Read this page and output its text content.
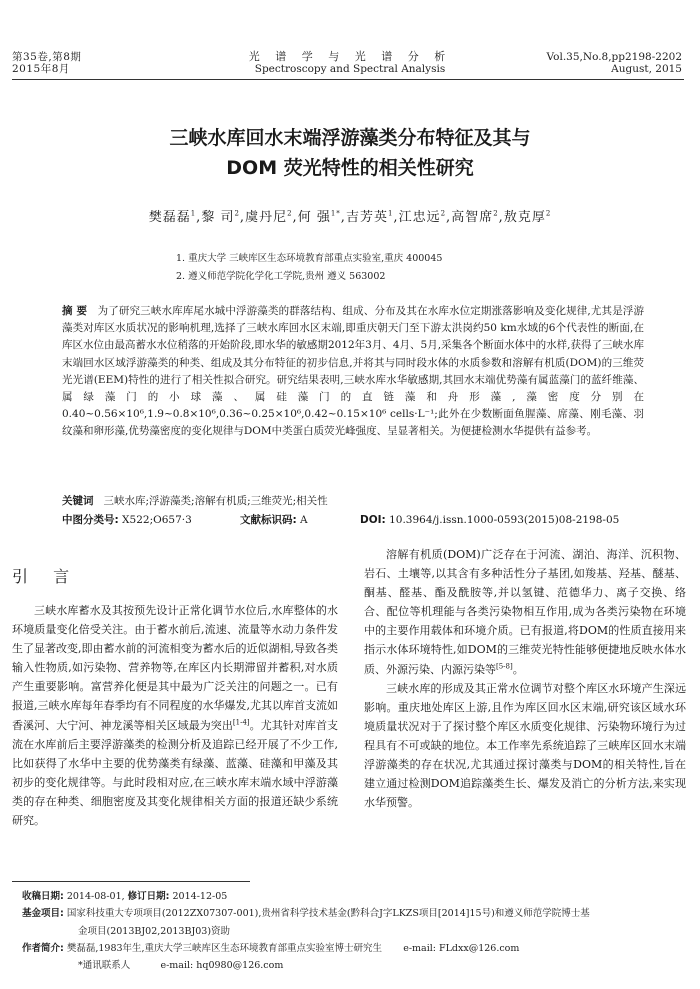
第35卷,第8期
2015年8月
光 谱 学 与 光 谱 分 析
Spectroscopy and Spectral Analysis
Vol.35,No.8,pp2198-2202
August, 2015
三峡水库回水末端浮游藻类分布特征及其与
DOM 荧光特性的相关性研究
樊磊磊$^1$,黎 司$^2$,虞丹尼$^2$,何 强$^{1*}$,吉芳英$^1$,江忠远$^2$,高智席$^2$,敖克厚$^2$
1. 重庆大学 三峡库区生态环境教育部重点实验室,重庆 400045
2. 遵义师范学院化学化工学院,贵州 遵义 563002
摘 要 为了研究三峡水库库尾水城中浮游藻类的群落结构、组成、分布及其在水库水位定期涨落影响及变化规律,尤其是浮游藻类对库区水质状况的影响机理,选择了三峡水库回水区末端,即重庆朝天门至下游太洪岗约50 km水域的6个代表性的断面,在库区水位由最高蓄水水位稍落的开始阶段,即水华的敏感期2012年3月、4月、5月,采集各个断面水体中的水样,获得了三峡水库末端回水区域浮游藻类的种类、组成及其分布特征的初步信息,并将其与同时段水体的水质参数和溶解有机质(DOM)的三维荧光光谱(EEM)特性的进行了相关性拟合研究。研究结果表明,三峡水库水华敏感期,其回水末端优势藻有属蓝藻门的蓝纤维藻、属绿藻门的小球藻、属硅藻门的直链藻和舟形藻,藻密度分别在0.40~0.56×10⁶,1.9~0.8×10⁶,0.36~0.25×10⁶,0.42~0.15×10⁶ cells·L⁻¹;此外在少数断面鱼腥藻、席藻、刚毛藻、羽纹藻和卵形藻,优势藻密度的变化规律与DOM中类蛋白质荧光峰强度、呈显著相关。为便捷检测水华提供有益参考。
关键词 三峡水库;浮游藻类;溶解有机质;三维荧光;相关性
中图分类号: X522;O657·3	文献标识码: A	DOI: 10.3964/j.issn.1000-0593(2015)08-2198-05
引 言

三峡水库蓄水及其按预先设计正常化调节水位后,水库整体的水环境质量变化倍受关注。由于蓄水前后,流速、流量等水动力条件发生了显著改变,即由蓄水前的河流相变为蓄水后的近似湖相,导致各类输入性物质,如污染物、营养物等,在库区内长期滞留并蓄积,对水质产生重要影响。富营养化便是其中最为广泛关注的问题之一。已有报道,三峡水库每年春季均有不同程度的水华爆发,尤其以库首支流如香溪河、大宁河、神龙溪等相关区域最为突出[1-4]。尤其针对库首支流在水库前后主要浮游藻类的检测分析及追踪已经开展了不少工作,比如获得了水华中主要的优势藻类有绿藻、蓝藻、硅藻和甲藻及其初步的变化规律等。与此时段相对应,在三峡水库末端水域中浮游藻类的存在种类、细胞密度及其变化规律相关方面的报道还缺少系统研究。

溶解有机质(DOM)广泛存在于河流、湖泊、海洋、沉积物、岩石、土壤等,以其含有多种活性分子基团,如羧基、羟基、醚基、酮基、醛基、酯及酰胺等,并以氢键、范德华力、离子交换、络合、配位等机理能与各类污染物相互作用,成为各类污染物在环境中的主要作用载体和环境介质。已有报道,将DOM的性质直接用来指示水体环境特性,如DOM的三维荧光特性能够便捷地反映水体水质、外源污染、内源污染等[5-8]。

三峡水库的形成及其正常水位调节对整个库区水环境产生深远影响。重庆地处库区上游,且作为库区回水区末端,研究该区域水环境质量状况对于了探讨整个库区水质变化规律、污染物环境行为过程具有不可或缺的地位。本工作率先系统追踪了三峡库区回水末端浮游藻类的存在状况,尤其通过探讨藻类与DOM的相关特性,旨在建立通过检测DOM追踪藻类生长、爆发及消亡的分析方法,来实现水华预警。

收稿日期: 2014-08-01, 修订日期: 2014-12-05
基金项目: 国家科技重大专项项目(2012ZX07307-001),贵州省科学技术基金(黔科合J字LKZS项目[2014]15号)和遵义师范学院博士基
金项目(2013BJ02,2013BJ03)资助
作者简介: 樊磊磊,1983年生,重庆大学三峡库区生态环境教育部重点实验室博士研究生 e-mail: FLdxx@126.com
*通讯联系人	e-mail: hq0980@126.com
